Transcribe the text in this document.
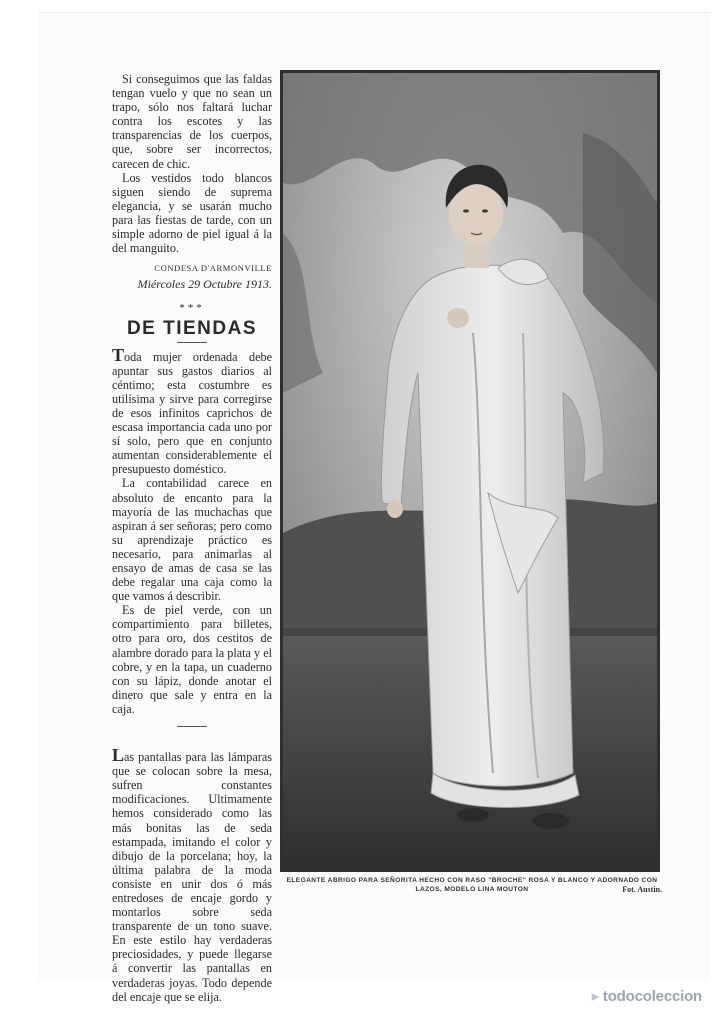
Si conseguimos que las faldas tengan vuelo y que no sean un trapo, sólo nos faltará luchar contra los escotes y las transparencias de los cuerpos, que, sobre ser incorrectos, carecen de chic.

Los vestidos todo blancos siguen siendo de suprema elegancia, y se usarán mucho para las fiestas de tarde, con un simple adorno de piel igual á la del manguito.

CONDESA D'ARMONVILLE
Miércoles 29 Octubre 1913.
***
DE TIENDAS

Toda mujer ordenada debe apuntar sus gastos diarios al céntimo; esta costumbre es utilísima y sirve para corregirse de esos infinitos caprichos de escasa importancia cada uno por sí solo, pero que en conjunto aumentan considerablemente el presupuesto doméstico.

La contabilidad carece en absoluto de encanto para la mayoría de las muchachas que aspiran á ser señoras; pero como su aprendizaje práctico es necesario, para animarlas al ensayo de amas de casa se las debe regalar una caja como la que vamos á describir.

Es de piel verde, con un compartimiento para billetes, otro para oro, dos cestitos de alambre dorado para la plata y el cobre, y en la tapa, un cuaderno con su lápiz, donde anotar el dinero que sale y entra en la caja.

Las pantallas para las lámparas que se colocan sobre la mesa, sufren constantes modificaciones. Ultimamente hemos considerado como las más bonitas las de seda estampada, imitando el color y dibujo de la porcelana; hoy, la última palabra de la moda consiste en unir dos ó más entredoses de encaje gordo y montarlos sobre seda transparente de un tono suave. En este estilo hay verdaderas preciosidades, y puede llegarse á convertir las pantallas en verdaderas joyas. Todo depende del encaje que se elija.

ELEGANTE ABRIGO PARA SEÑORITA HECHO CON RASO "BROCHE" ROSA Y BLANCO Y ADORNADO CON LAZOS, MODELO LINA MOUTON	Fot. Austin.
▸ todocoleccion
